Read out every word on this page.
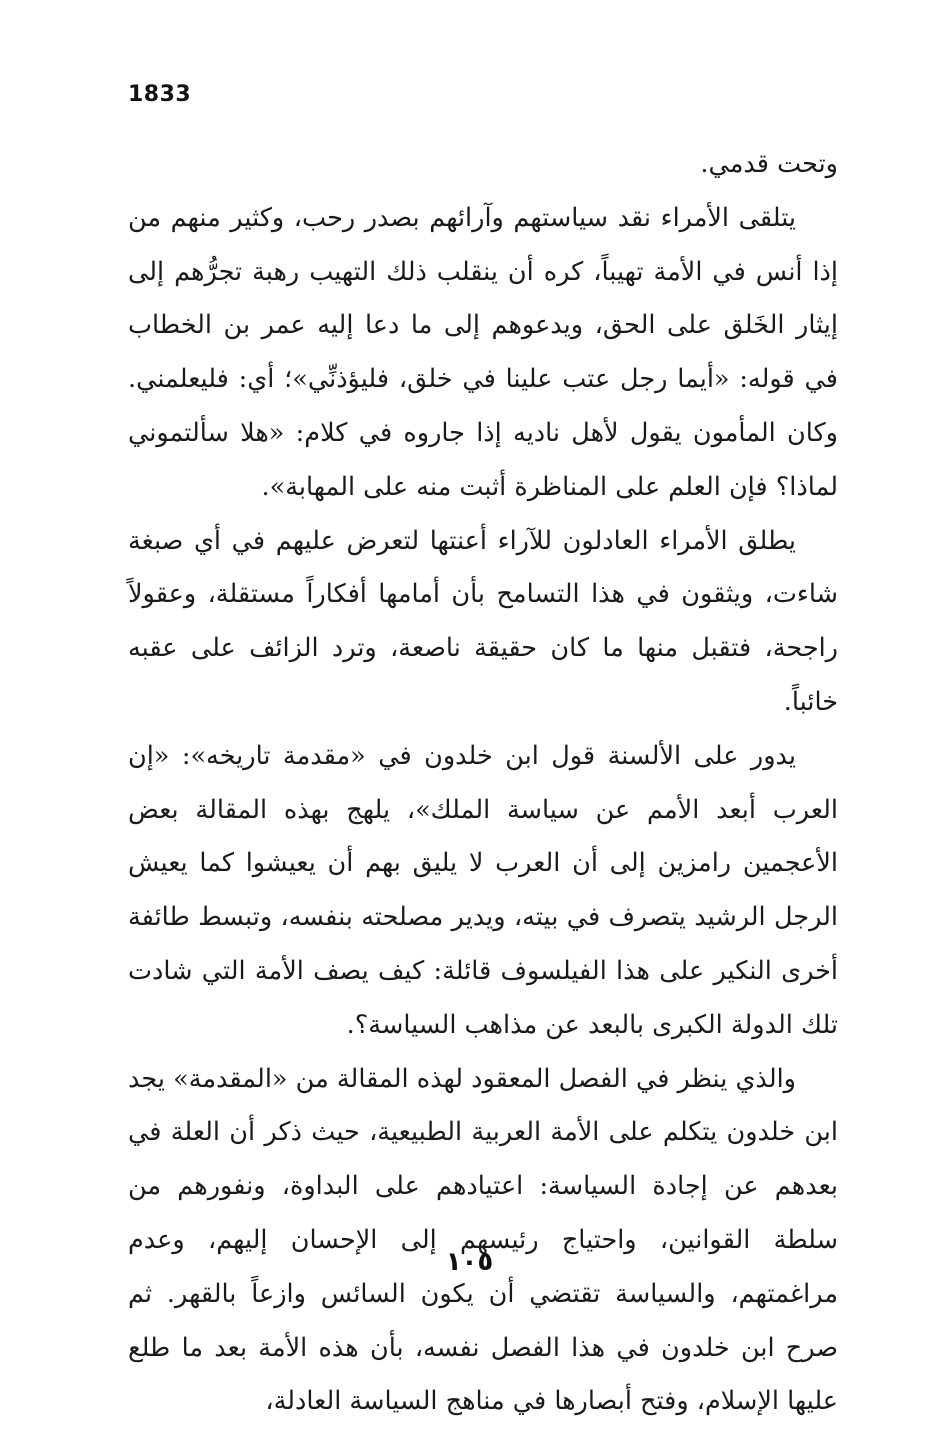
1833

وتحت قدمي.

يتلقى الأمراء نقد سياستهم وآرائهم بصدر رحب، وكثير منهم من إذا أنس في الأمة تهيباً، كره أن ينقلب ذلك التهيب رهبة تجرُّهم إلى إيثار الخَلق على الحق، ويدعوهم إلى ما دعا إليه عمر بن الخطاب في قوله: «أيما رجل عتب علينا في خلق، فليؤذنِّي»؛ أي: فليعلمني. وكان المأمون يقول لأهل ناديه إذا جاروه في كلام: «هلا سألتموني لماذا؟ فإن العلم على المناظرة أثبت منه على المهابة».

يطلق الأمراء العادلون للآراء أعنتها لتعرض عليهم في أي صبغة شاءت، ويثقون في هذا التسامح بأن أمامها أفكاراً مستقلة، وعقولاً راجحة، فتقبل منها ما كان حقيقة ناصعة، وترد الزائف على عقبه خائباً.

يدور على الألسنة قول ابن خلدون في «مقدمة تاريخه»: «إن العرب أبعد الأمم عن سياسة الملك»، يلهج بهذه المقالة بعض الأعجمين رامزين إلى أن العرب لا يليق بهم أن يعيشوا كما يعيش الرجل الرشيد يتصرف في بيته، ويدير مصلحته بنفسه، وتبسط طائفة أخرى النكير على هذا الفيلسوف قائلة: كيف يصف الأمة التي شادت تلك الدولة الكبرى بالبعد عن مذاهب السياسة؟.

والذي ينظر في الفصل المعقود لهذه المقالة من «المقدمة» يجد ابن خلدون يتكلم على الأمة العربية الطبيعية، حيث ذكر أن العلة في بعدهم عن إجادة السياسة: اعتيادهم على البداوة، ونفورهم من سلطة القوانين، واحتياج رئيسهم إلى الإحسان إليهم، وعدم مراغمتهم، والسياسة تقتضي أن يكون السائس وازعاً بالقهر. ثم صرح ابن خلدون في هذا الفصل نفسه، بأن هذه الأمة بعد ما طلع عليها الإسلام، وفتح أبصارها في مناهج السياسة العادلة،

١٠٥
